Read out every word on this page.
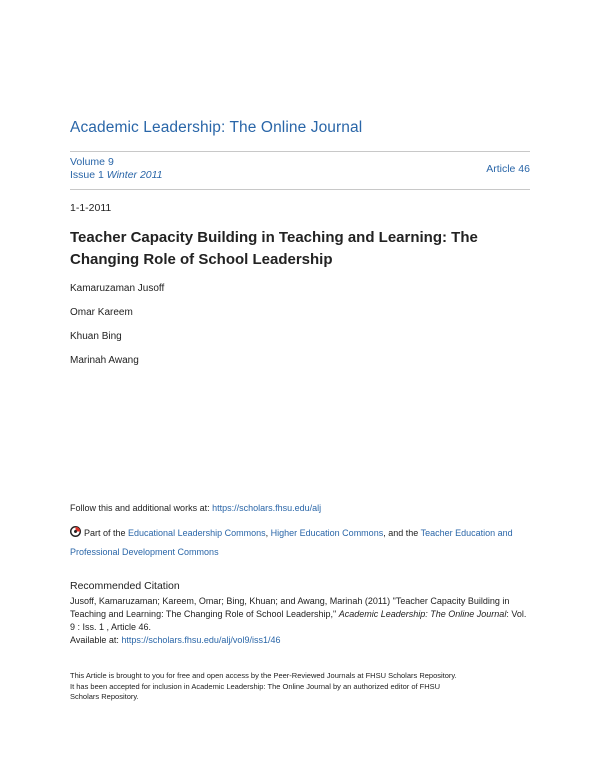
Academic Leadership: The Online Journal
Volume 9
Issue 1 Winter 2011	Article 46
1-1-2011
Teacher Capacity Building in Teaching and Learning: The
Changing Role of School Leadership
Kamaruzaman Jusoff
Omar Kareem
Khuan Bing
Marinah Awang
Follow this and additional works at: https://scholars.fhsu.edu/alj
Part of the Educational Leadership Commons, Higher Education Commons, and the Teacher Education and Professional Development Commons
Recommended Citation
Jusoff, Kamaruzaman; Kareem, Omar; Bing, Khuan; and Awang, Marinah (2011) "Teacher Capacity Building in Teaching and Learning: The Changing Role of School Leadership," Academic Leadership: The Online Journal: Vol. 9 : Iss. 1 , Article 46.
Available at: https://scholars.fhsu.edu/alj/vol9/iss1/46
This Article is brought to you for free and open access by the Peer-Reviewed Journals at FHSU Scholars Repository.
It has been accepted for inclusion in Academic Leadership: The Online Journal by an authorized editor of FHSU
Scholars Repository.
